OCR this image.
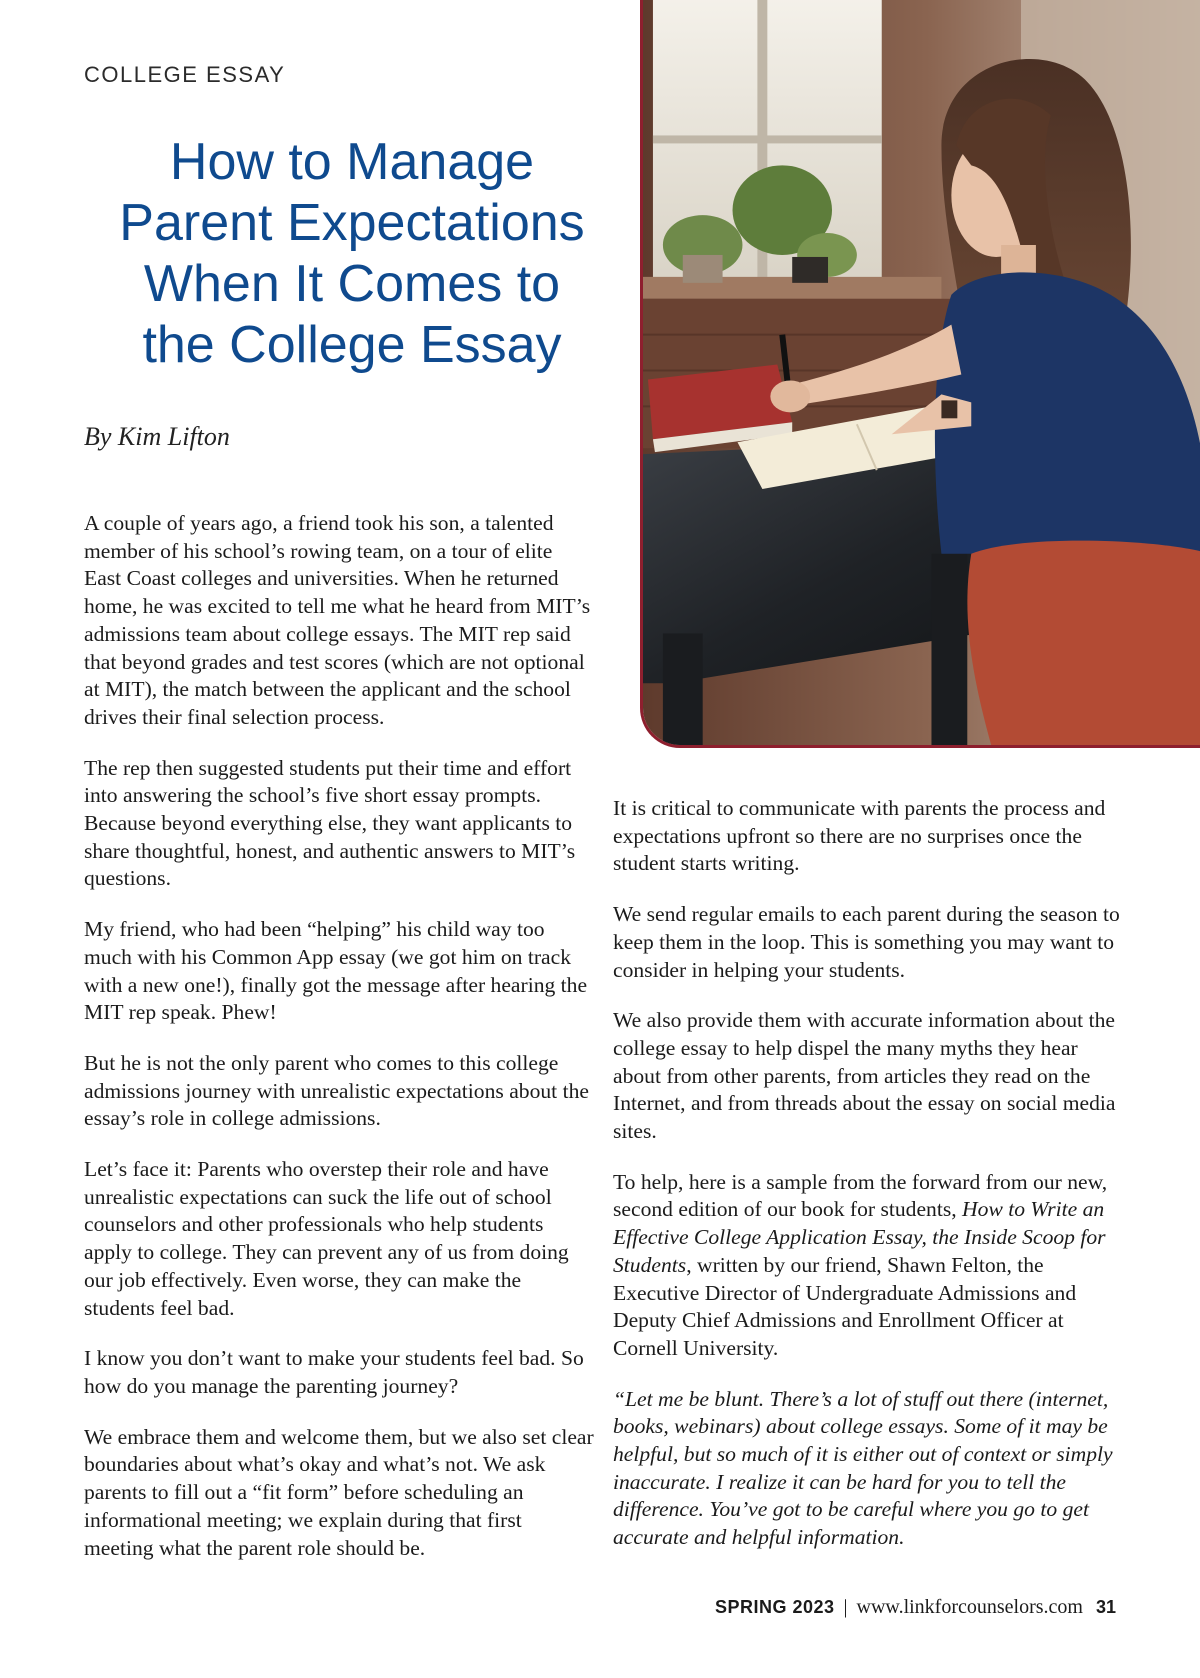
COLLEGE ESSAY

How to Manage
Parent Expectations
When It Comes to
the College Essay

By Kim Lifton

A couple of years ago, a friend took his son, a talented member of his school’s rowing team, on a tour of elite East Coast colleges and universities. When he returned home, he was excited to tell me what he heard from MIT’s admissions team about college essays. The MIT rep said that beyond grades and test scores (which are not optional at MIT), the match between the applicant and the school drives their final selection process.

The rep then suggested students put their time and effort into answering the school’s five short essay prompts. Because beyond everything else, they want applicants to share thoughtful, honest, and authentic answers to MIT’s questions.

My friend, who had been “helping” his child way too much with his Common App essay (we got him on track with a new one!), finally got the message after hearing the MIT rep speak. Phew!

But he is not the only parent who comes to this college admissions journey with unrealistic expectations about the essay’s role in college admissions.

Let’s face it: Parents who overstep their role and have unrealistic expectations can suck the life out of school counselors and other professionals who help students apply to college. They can prevent any of us from doing our job effectively. Even worse, they can make the students feel bad.

I know you don’t want to make your students feel bad. So how do you manage the parenting journey?

We embrace them and welcome them, but we also set clear boundaries about what’s okay and what’s not. We ask parents to fill out a “fit form” before scheduling an informational meeting; we explain during that first meeting what the parent role should be.

It is critical to communicate with parents the process and expectations upfront so there are no surprises once the student starts writing.

We send regular emails to each parent during the season to keep them in the loop. This is something you may want to consider in helping your students.

We also provide them with accurate information about the college essay to help dispel the many myths they hear about from other parents, from articles they read on the Internet, and from threads about the essay on social media sites.

To help, here is a sample from the forward from our new, second edition of our book for students, How to Write an Effective College Application Essay, the Inside Scoop for Students, written by our friend, Shawn Felton, the Executive Director of Undergraduate Admissions and Deputy Chief Admissions and Enrollment Officer at Cornell University.

“Let me be blunt. There’s a lot of stuff out there (internet, books, webinars) about college essays. Some of it may be helpful, but so much of it is either out of context or simply inaccurate. I realize it can be hard for you to tell the difference. You’ve got to be careful where you go to get accurate and helpful information.

SPRING 2023 | www.linkforcounselors.com 31
